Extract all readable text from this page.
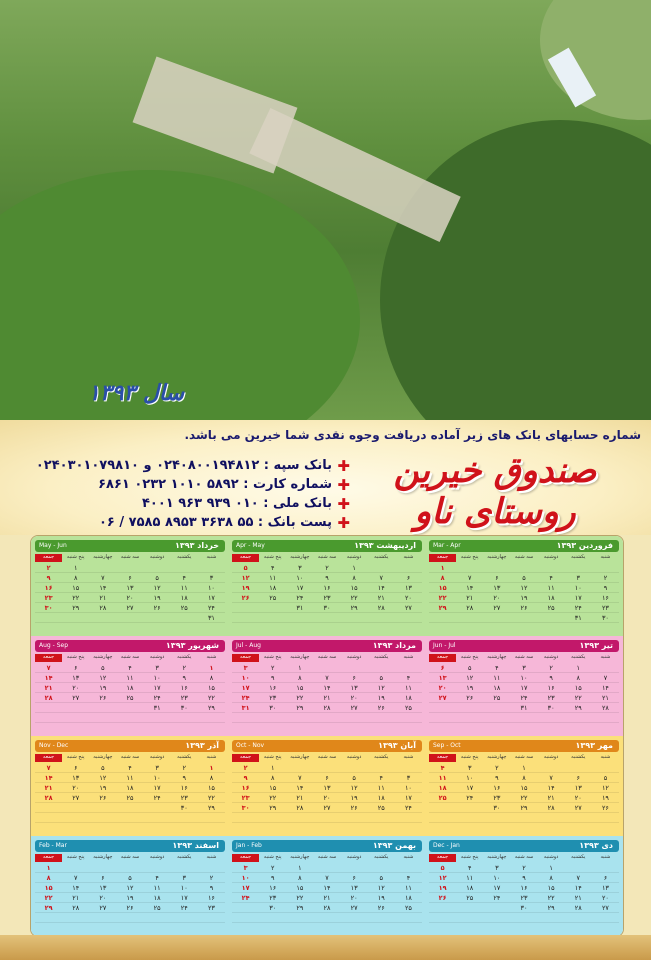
سال ۱۳۹۳
شماره حسابهای بانک های زیر آماده دریافت وجوه نقدی شما خیرین می باشد.
صندوق خیرین روستای ناو
✚
بانک سپه : ۰۲۴۰۸۰۰۱۹۴۸۱۲ و ۰۲۴۰۳۰۱۰۷۹۸۱۰
✚
شماره کارت : ۵۸۹۲ ۱۰۱۰ ۰۲۳۲ ۶۸۶۱
✚
بانک ملی : ۰۱۰ ۹۳۹ ۹۶۳ ۴۰۰۱
✚
پست بانک : ۵۵ ۳۶۳۸ ۸۹۵۳ ۷۵۸۵ / ۰۶
فروردین ۱۳۹۳
Mar - Apr
شنبه
یکشنبه
دوشنبه
سه شنبه
چهارشنبه
پنج شنبه
جمعه
۱
۲
۳
۴
۵
۶
۷
۸
۹
۱۰
۱۱
۱۲
۱۳
۱۴
۱۵
۱۶
۱۷
۱۸
۱۹
۲۰
۲۱
۲۲
۲۳
۲۴
۲۵
۲۶
۲۷
۲۸
۲۹
۳۰
۳۱
اردیبهشت ۱۳۹۳
Apr - May
شنبه
یکشنبه
دوشنبه
سه شنبه
چهارشنبه
پنج شنبه
جمعه
۱
۲
۳
۴
۵
۶
۷
۸
۹
۱۰
۱۱
۱۲
۱۳
۱۴
۱۵
۱۶
۱۷
۱۸
۱۹
۲۰
۲۱
۲۲
۲۳
۲۴
۲۵
۲۶
۲۷
۲۸
۲۹
۳۰
۳۱
خرداد ۱۳۹۳
May - Jun
شنبه
یکشنبه
دوشنبه
سه شنبه
چهارشنبه
پنج شنبه
جمعه
۱
۲
۳
۴
۵
۶
۷
۸
۹
۱۰
۱۱
۱۲
۱۳
۱۴
۱۵
۱۶
۱۷
۱۸
۱۹
۲۰
۲۱
۲۲
۲۳
۲۴
۲۵
۲۶
۲۷
۲۸
۲۹
۳۰
۳۱
تیر ۱۳۹۳
Jun - Jul
شنبه
یکشنبه
دوشنبه
سه شنبه
چهارشنبه
پنج شنبه
جمعه
۱
۲
۳
۴
۵
۶
۷
۸
۹
۱۰
۱۱
۱۲
۱۳
۱۴
۱۵
۱۶
۱۷
۱۸
۱۹
۲۰
۲۱
۲۲
۲۳
۲۴
۲۵
۲۶
۲۷
۲۸
۲۹
۳۰
۳۱
مرداد ۱۳۹۳
Jul - Aug
شنبه
یکشنبه
دوشنبه
سه شنبه
چهارشنبه
پنج شنبه
جمعه
۱
۲
۳
۴
۵
۶
۷
۸
۹
۱۰
۱۱
۱۲
۱۳
۱۴
۱۵
۱۶
۱۷
۱۸
۱۹
۲۰
۲۱
۲۲
۲۳
۲۴
۲۵
۲۶
۲۷
۲۸
۲۹
۳۰
۳۱
شهریور ۱۳۹۳
Aug - Sep
شنبه
یکشنبه
دوشنبه
سه شنبه
چهارشنبه
پنج شنبه
جمعه
۱
۲
۳
۴
۵
۶
۷
۸
۹
۱۰
۱۱
۱۲
۱۳
۱۴
۱۵
۱۶
۱۷
۱۸
۱۹
۲۰
۲۱
۲۲
۲۳
۲۴
۲۵
۲۶
۲۷
۲۸
۲۹
۳۰
۳۱
مهر ۱۳۹۳
Sep - Oct
شنبه
یکشنبه
دوشنبه
سه شنبه
چهارشنبه
پنج شنبه
جمعه
۱
۲
۳
۴
۵
۶
۷
۸
۹
۱۰
۱۱
۱۲
۱۳
۱۴
۱۵
۱۶
۱۷
۱۸
۱۹
۲۰
۲۱
۲۲
۲۳
۲۴
۲۵
۲۶
۲۷
۲۸
۲۹
۳۰
آبان ۱۳۹۳
Oct - Nov
شنبه
یکشنبه
دوشنبه
سه شنبه
چهارشنبه
پنج شنبه
جمعه
۱
۲
۳
۴
۵
۶
۷
۸
۹
۱۰
۱۱
۱۲
۱۳
۱۴
۱۵
۱۶
۱۷
۱۸
۱۹
۲۰
۲۱
۲۲
۲۳
۲۴
۲۵
۲۶
۲۷
۲۸
۲۹
۳۰
آذر ۱۳۹۳
Nov - Dec
شنبه
یکشنبه
دوشنبه
سه شنبه
چهارشنبه
پنج شنبه
جمعه
۱
۲
۳
۴
۵
۶
۷
۸
۹
۱۰
۱۱
۱۲
۱۳
۱۴
۱۵
۱۶
۱۷
۱۸
۱۹
۲۰
۲۱
۲۲
۲۳
۲۴
۲۵
۲۶
۲۷
۲۸
۲۹
۳۰
دی ۱۳۹۳
Dec - Jan
شنبه
یکشنبه
دوشنبه
سه شنبه
چهارشنبه
پنج شنبه
جمعه
۱
۲
۳
۴
۵
۶
۷
۸
۹
۱۰
۱۱
۱۲
۱۳
۱۴
۱۵
۱۶
۱۷
۱۸
۱۹
۲۰
۲۱
۲۲
۲۳
۲۴
۲۵
۲۶
۲۷
۲۸
۲۹
۳۰
بهمن ۱۳۹۳
Jan - Feb
شنبه
یکشنبه
دوشنبه
سه شنبه
چهارشنبه
پنج شنبه
جمعه
۱
۲
۳
۴
۵
۶
۷
۸
۹
۱۰
۱۱
۱۲
۱۳
۱۴
۱۵
۱۶
۱۷
۱۸
۱۹
۲۰
۲۱
۲۲
۲۳
۲۴
۲۵
۲۶
۲۷
۲۸
۲۹
۳۰
اسفند ۱۳۹۳
Feb - Mar
شنبه
یکشنبه
دوشنبه
سه شنبه
چهارشنبه
پنج شنبه
جمعه
۱
۲
۳
۴
۵
۶
۷
۸
۹
۱۰
۱۱
۱۲
۱۳
۱۴
۱۵
۱۶
۱۷
۱۸
۱۹
۲۰
۲۱
۲۲
۲۳
۲۴
۲۵
۲۶
۲۷
۲۸
۲۹
